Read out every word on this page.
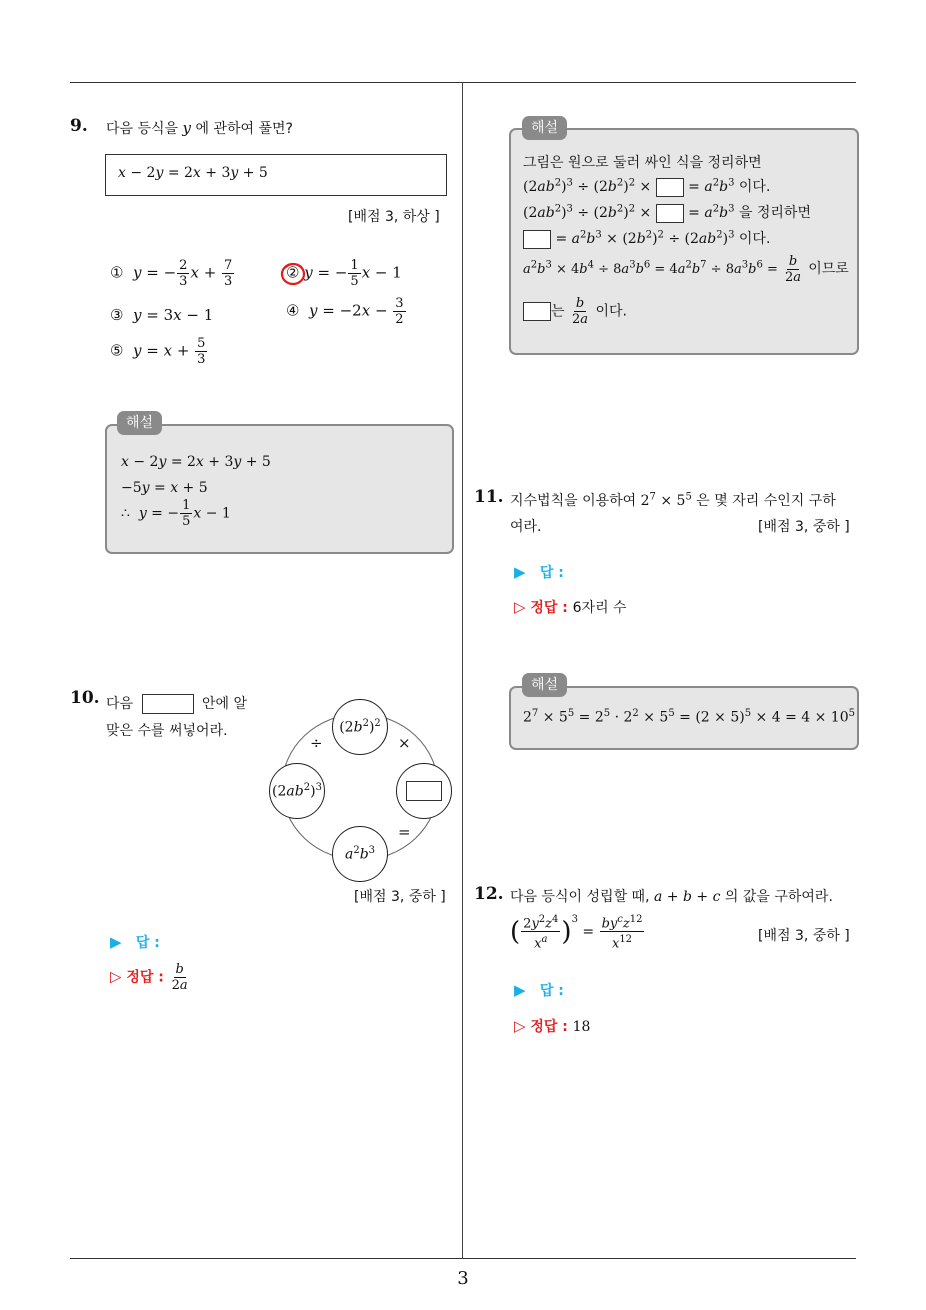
9.	다음 등식을 y 에 관하여 풀면?
x − 2y = 2x + 3y + 5
[배점 3, 하상 ]
① y = − $\frac{2}{3}$ $x + \frac{7}{3}$	② y = − $\frac{1}{5}$ x − 1
③ y = 3x − 1	④ $y = -2x - \frac{3}{2}$
⑤ $y = x + \frac{5}{3}$
x − 2y = 2x + 3y + 5
−5y = x + 5
∴  y = − $\frac{1}{5}$ x − 1
해설
10. 다음	안에 알
맞은 수를 써넣어라.	$(2b^2)^2$
$(2ab^2)^3$
$a^2b^3$
÷	×
=
[배점 3, 중하 ]
▶ 답 :
▷ 정답 : $\frac{b}{2a}$
그림은 원으로 둘러 싸인 식을 정리하면
$(2ab^2)^3 \div (2b^2)^2$ ×  = $a^2b^3$ 이다.
$(2ab^2)^3 \div (2b^2)^2$ ×  = $a^2b^3$ 을 정리하면
= $a^2b^3 \times (2b^2)^2 \div (2ab^2)^3$ 이다.
$a^2b^3 \times 4b^4 \div 8a^3b^6 = 4a^2b^7 \div 8a^3b^6 = \frac{b}{2a}$ 이므로
는 $\frac{b}{2a}$ 이다.
해설
11. 지수법칙을 이용하여 $2^7 \times 5^5$ 은 몇 자리 수인지 구하
여라.	[배점 3, 중하 ]
▶ 답 :
▷ 정답 : 6자리 수
$2^7 \times 5^5 = 2^5 \cdot 2^2 \times 5^5 = (2 \times 5)^5 \times 4 = 4 \times 10^5$
해설
12. 다음 등식이 성립할 때, a + b + c 의 값을 구하여라.
( $\frac{2y^2z^4}{x^a} )^3 = \frac{by^cz^{12}}{x^{12}}$	[배점 3, 중하 ]
▶ 답 :
▷ 정답 : 18
3
